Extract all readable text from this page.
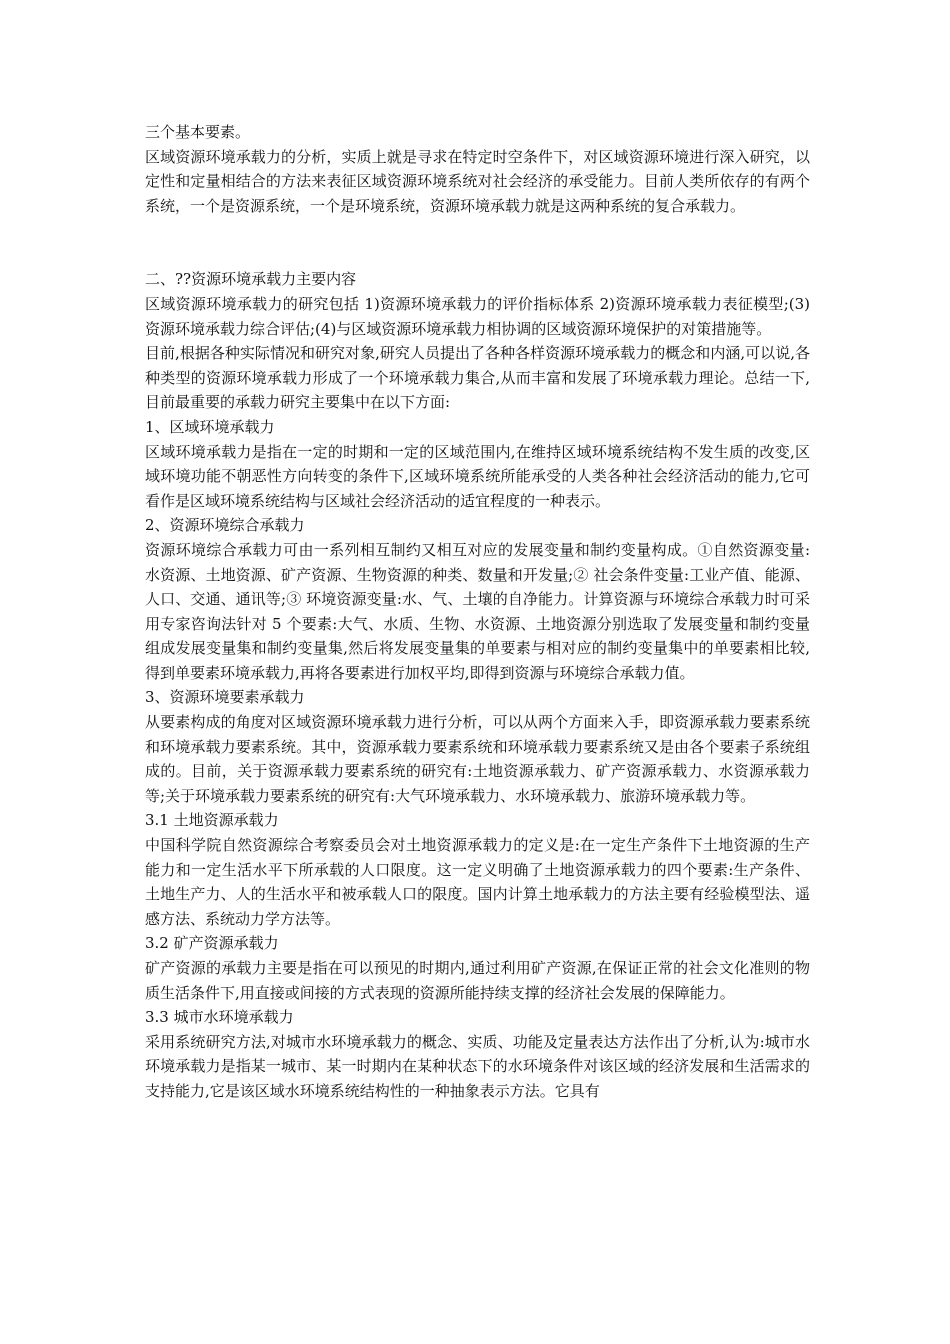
三个基本要素。

区域资源环境承载力的分析，实质上就是寻求在特定时空条件下，对区域资源环境进行深入研究，以定性和定量相结合的方法来表征区域资源环境系统对社会经济的承受能力。目前人类所依存的有两个系统，一个是资源系统，一个是环境系统，资源环境承载力就是这两种系统的复合承载力。

二、??资源环境承载力主要内容

区域资源环境承载力的研究包括 1)资源环境承载力的评价指标体系 2)资源环境承载力表征模型;(3)资源环境承载力综合评估;(4)与区域资源环境承载力相协调的区域资源环境保护的对策措施等。

目前,根据各种实际情况和研究对象,研究人员提出了各种各样资源环境承载力的概念和内涵,可以说,各种类型的资源环境承载力形成了一个环境承载力集合,从而丰富和发展了环境承载力理论。总结一下,目前最重要的承载力研究主要集中在以下方面:

1、区域环境承载力

区域环境承载力是指在一定的时期和一定的区域范围内,在维持区域环境系统结构不发生质的改变,区域环境功能不朝恶性方向转变的条件下,区域环境系统所能承受的人类各种社会经济活动的能力,它可看作是区域环境系统结构与区域社会经济活动的适宜程度的一种表示。

2、资源环境综合承载力

资源环境综合承载力可由一系列相互制约又相互对应的发展变量和制约变量构成。①自然资源变量:水资源、土地资源、矿产资源、生物资源的种类、数量和开发量;② 社会条件变量:工业产值、能源、人口、交通、通讯等;③ 环境资源变量:水、气、土壤的自净能力。计算资源与环境综合承载力时可采用专家咨询法针对 5 个要素:大气、水质、生物、水资源、土地资源分别选取了发展变量和制约变量组成发展变量集和制约变量集,然后将发展变量集的单要素与相对应的制约变量集中的单要素相比较,得到单要素环境承载力,再将各要素进行加权平均,即得到资源与环境综合承载力值。

3、资源环境要素承载力

从要素构成的角度对区域资源环境承载力进行分析，可以从两个方面来入手，即资源承载力要素系统和环境承载力要素系统。其中，资源承载力要素系统和环境承载力要素系统又是由各个要素子系统组成的。目前，关于资源承载力要素系统的研究有:土地资源承载力、矿产资源承载力、水资源承载力等;关于环境承载力要素系统的研究有:大气环境承载力、水环境承载力、旅游环境承载力等。

3.1 土地资源承载力

中国科学院自然资源综合考察委员会对土地资源承载力的定义是:在一定生产条件下土地资源的生产能力和一定生活水平下所承载的人口限度。这一定义明确了土地资源承载力的四个要素:生产条件、土地生产力、人的生活水平和被承载人口的限度。国内计算土地承载力的方法主要有经验模型法、遥感方法、系统动力学方法等。

3.2 矿产资源承载力

矿产资源的承载力主要是指在可以预见的时期内,通过利用矿产资源,在保证正常的社会文化准则的物质生活条件下,用直接或间接的方式表现的资源所能持续支撑的经济社会发展的保障能力。

3.3 城市水环境承载力

采用系统研究方法,对城市水环境承载力的概念、实质、功能及定量表达方法作出了分析,认为:城市水环境承载力是指某一城市、某一时期内在某种状态下的水环境条件对该区域的经济发展和生活需求的支持能力,它是该区域水环境系统结构性的一种抽象表示方法。它具有
